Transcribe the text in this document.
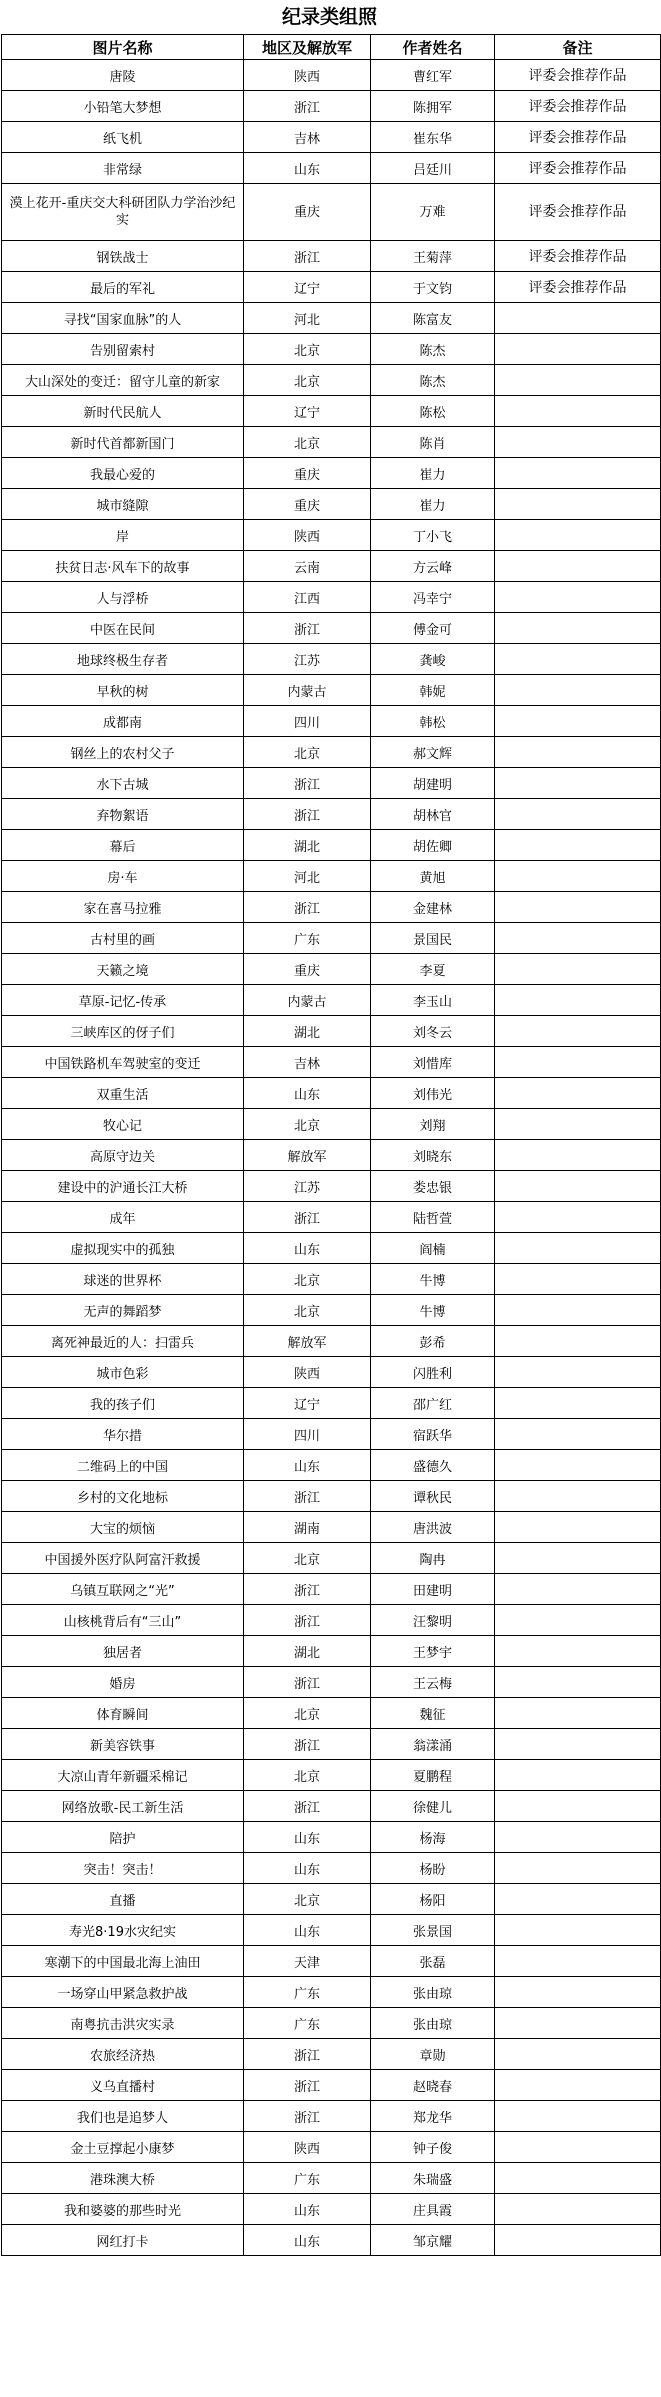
纪录类组照
图片名称	地区及解放军	作者姓名	备注
唐陵	陕西	曹红军	评委会推荐作品
小铅笔大梦想	浙江	陈拥军	评委会推荐作品
纸飞机	吉林	崔东华	评委会推荐作品
非常绿	山东	吕廷川	评委会推荐作品
漠上花开-重庆交大科研团队力学治沙纪实	重庆	万难	评委会推荐作品
钢铁战士	浙江	王菊萍	评委会推荐作品
最后的军礼	辽宁	于文钧	评委会推荐作品
寻找“国家血脉”的人	河北	陈富友	
告别留索村	北京	陈杰	
大山深处的变迁：留守儿童的新家	北京	陈杰	
新时代民航人	辽宁	陈松	
新时代首都新国门	北京	陈肖	
我最心爱的	重庆	崔力	
城市缝隙	重庆	崔力	
岸	陕西	丁小飞	
扶贫日志·风车下的故事	云南	方云峰	
人与浮桥	江西	冯幸宁	
中医在民间	浙江	傅金可	
地球终极生存者	江苏	龚峻	
早秋的树	内蒙古	韩妮	
成都南	四川	韩松	
钢丝上的农村父子	北京	郝文辉	
水下古城	浙江	胡建明	
弃物絮语	浙江	胡林官	
幕后	湖北	胡佐卿	
房·车	河北	黄旭	
家在喜马拉雅	浙江	金建林	
古村里的画	广东	景国民	
天籁之境	重庆	李夏	
草原-记忆-传承	内蒙古	李玉山	
三峡库区的伢子们	湖北	刘冬云	
中国铁路机车驾驶室的变迁	吉林	刘惜库	
双重生活	山东	刘伟光	
牧心记	北京	刘翔	
高原守边关	解放军	刘晓东	
建设中的沪通长江大桥	江苏	娄忠银	
成年	浙江	陆哲萱	
虚拟现实中的孤独	山东	阎楠	
球迷的世界杯	北京	牛博	
无声的舞蹈梦	北京	牛博	
离死神最近的人：扫雷兵	解放军	彭希	
城市色彩	陕西	闪胜利	
我的孩子们	辽宁	邵广红	
华尔措	四川	宿跃华	
二维码上的中国	山东	盛德久	
乡村的文化地标	浙江	谭秋民	
大宝的烦恼	湖南	唐洪波	
中国援外医疗队阿富汗救援	北京	陶冉	
乌镇互联网之“光”	浙江	田建明	
山核桃背后有“三山”	浙江	汪黎明	
独居者	湖北	王梦宇	
婚房	浙江	王云梅	
体育瞬间	北京	魏征	
新美容铁事	浙江	翁漾涌	
大凉山青年新疆采棉记	北京	夏鹏程	
网络放歌-民工新生活	浙江	徐健儿	
陪护	山东	杨海	
突击！突击！	山东	杨盼	
直播	北京	杨阳	
寿光8·19水灾纪实	山东	张景国	
寒潮下的中国最北海上油田	天津	张磊	
一场穿山甲紧急救护战	广东	张由琼	
南粤抗击洪灾实录	广东	张由琼	
农旅经济热	浙江	章勋	
义乌直播村	浙江	赵晓春	
我们也是追梦人	浙江	郑龙华	
金土豆撑起小康梦	陕西	钟子俊	
港珠澳大桥	广东	朱瑞盛	
我和婆婆的那些时光	山东	庄具霞	
网红打卡	山东	邹京耀	
